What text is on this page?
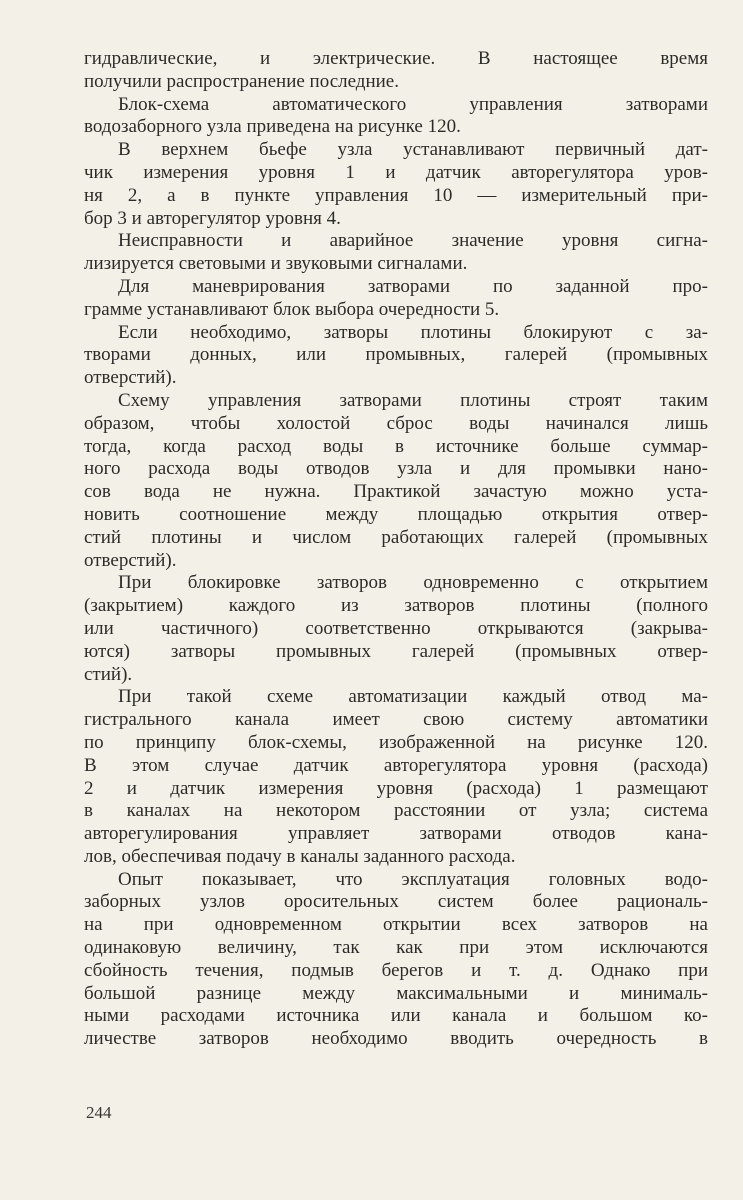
гидравлические, и электрические. В настоящее время
получили распространение последние.
Блок-схема автоматического управления затворами
водозаборного узла приведена на рисунке 120.
В верхнем бьефе узла устанавливают первичный дат-
чик измерения уровня 1 и датчик авторегулятора уров-
ня 2, а в пункте управления 10 — измерительный при-
бор 3 и авторегулятор уровня 4.
Неисправности и аварийное значение уровня сигна-
лизируется световыми и звуковыми сигналами.
Для маневрирования затворами по заданной про-
грамме устанавливают блок выбора очередности 5.
Если необходимо, затворы плотины блокируют с за-
творами донных, или промывных, галерей (промывных
отверстий).
Схему управления затворами плотины строят таким
образом, чтобы холостой сброс воды начинался лишь
тогда, когда расход воды в источнике больше суммар-
ного расхода воды отводов узла и для промывки нано-
сов вода не нужна. Практикой зачастую можно уста-
новить соотношение между площадью открытия отвер-
стий плотины и числом работающих галерей (промывных
отверстий).
При блокировке затворов одновременно с открытием
(закрытием) каждого из затворов плотины (полного
или частичного) соответственно открываются (закрыва-
ются) затворы промывных галерей (промывных отвер-
стий).
При такой схеме автоматизации каждый отвод ма-
гистрального канала имеет свою систему автоматики
по принципу блок-схемы, изображенной на рисунке 120.
В этом случае датчик авторегулятора уровня (расхода)
2 и датчик измерения уровня (расхода) 1 размещают
в каналах на некотором расстоянии от узла; система
авторегулирования управляет затворами отводов кана-
лов, обеспечивая подачу в каналы заданного расхода.
Опыт показывает, что эксплуатация головных водо-
заборных узлов оросительных систем более рациональ-
на при одновременном открытии всех затворов на
одинаковую величину, так как при этом исключаются
сбойность течения, подмыв берегов и т. д. Однако при
большой разнице между максимальными и минималь-
ными расходами источника или канала и большом ко-
личестве затворов необходимо вводить очередность в
244
